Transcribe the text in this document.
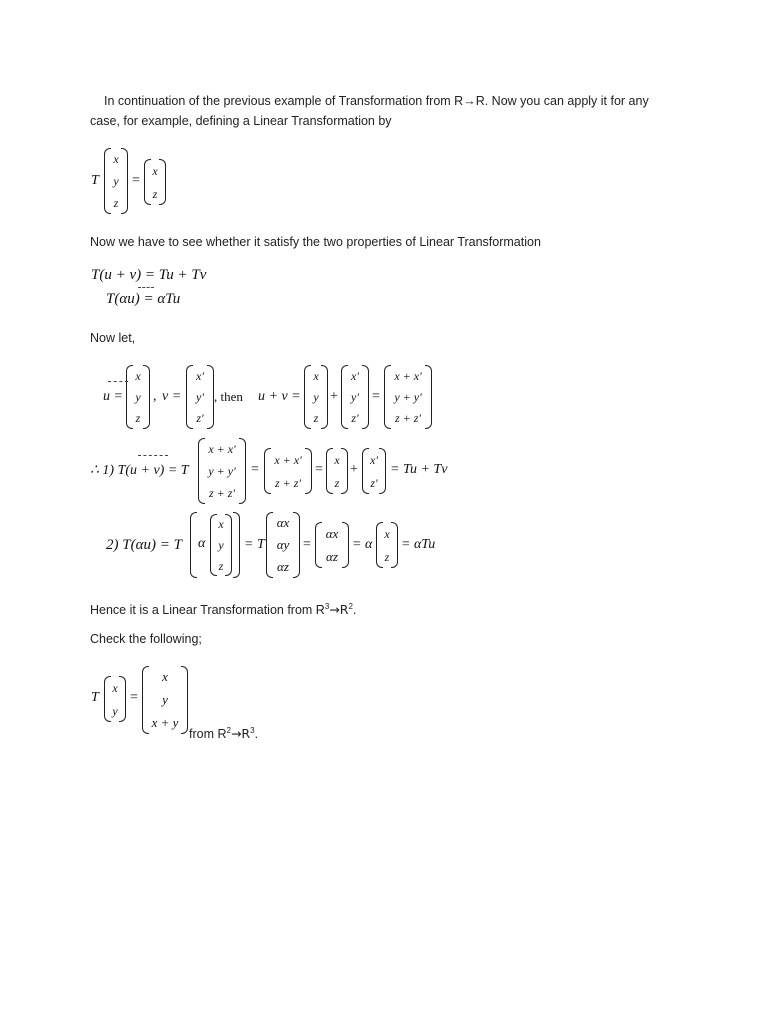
In continuation of the previous example of Transformation from R→R. Now you can apply it for any
case, for example, defining a Linear Transformation by
T
x
y
z
=
x
z
Now we have to see whether it satisfy the two properties of Linear Transformation
T(u + v) = Tu + Tv
T(αu) = αTu
Now let,
u =
x
y
z
, v =
x'
y'
z'
, then u + v =
x
y
z
+
x'
y'
z'
=
x + x'
y + y'
z + z'
∴ 1) T(u + v) = T
x + x'
y + y'
z + z'
=
x + x'
z + z'
=
x
z
+
x'
z'
= Tu + Tv
2) T(αu) = T α
x
y
z
= T
αx
αy
αz
=
αx
αz
= α
x
z
= αTu
Hence it is a Linear Transformation from $R^3\to R^2$.
Check the following;
T
x
y
=
x
y
x + y
from $R^2\to R^3$.
